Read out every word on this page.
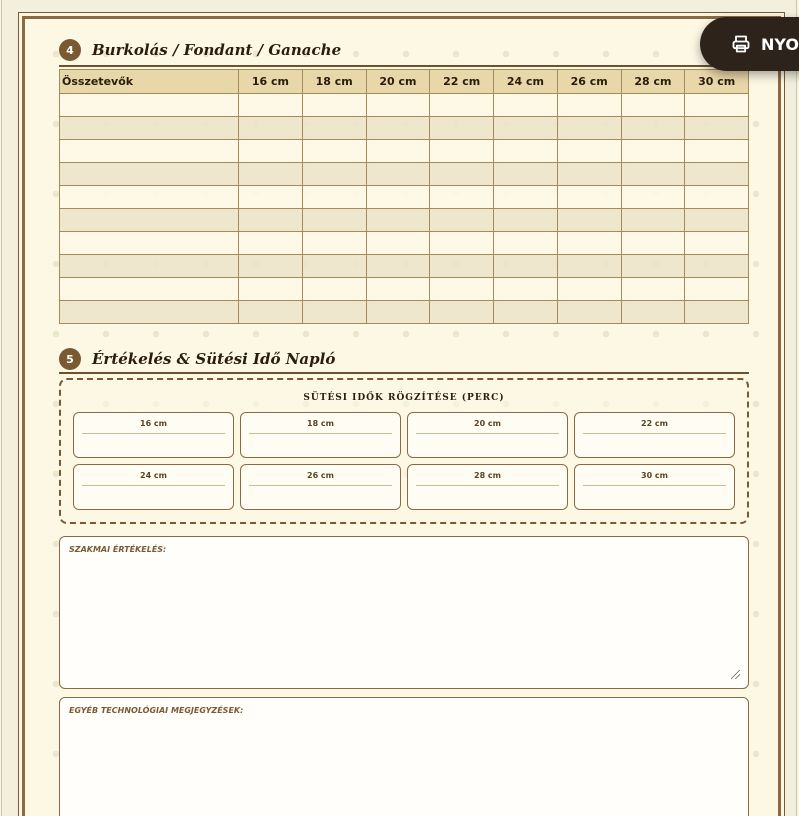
4	Burkolás / Fondant / Ganache
Összetevők	16 cm	18 cm	20 cm	22 cm	24 cm	26 cm	28 cm	30 cm

5	Értékelés & Sütési Idő Napló
SÜTÉSI IDŐK RÖGZÍTÉSE (PERC)
16 cm	18 cm	20 cm	22 cm
24 cm	26 cm	28 cm	30 cm
SZAKMAI ÉRTÉKELÉS:
EGYÉB TECHNOLÓGIAI MEGJEGYZÉSEK:
NYO
